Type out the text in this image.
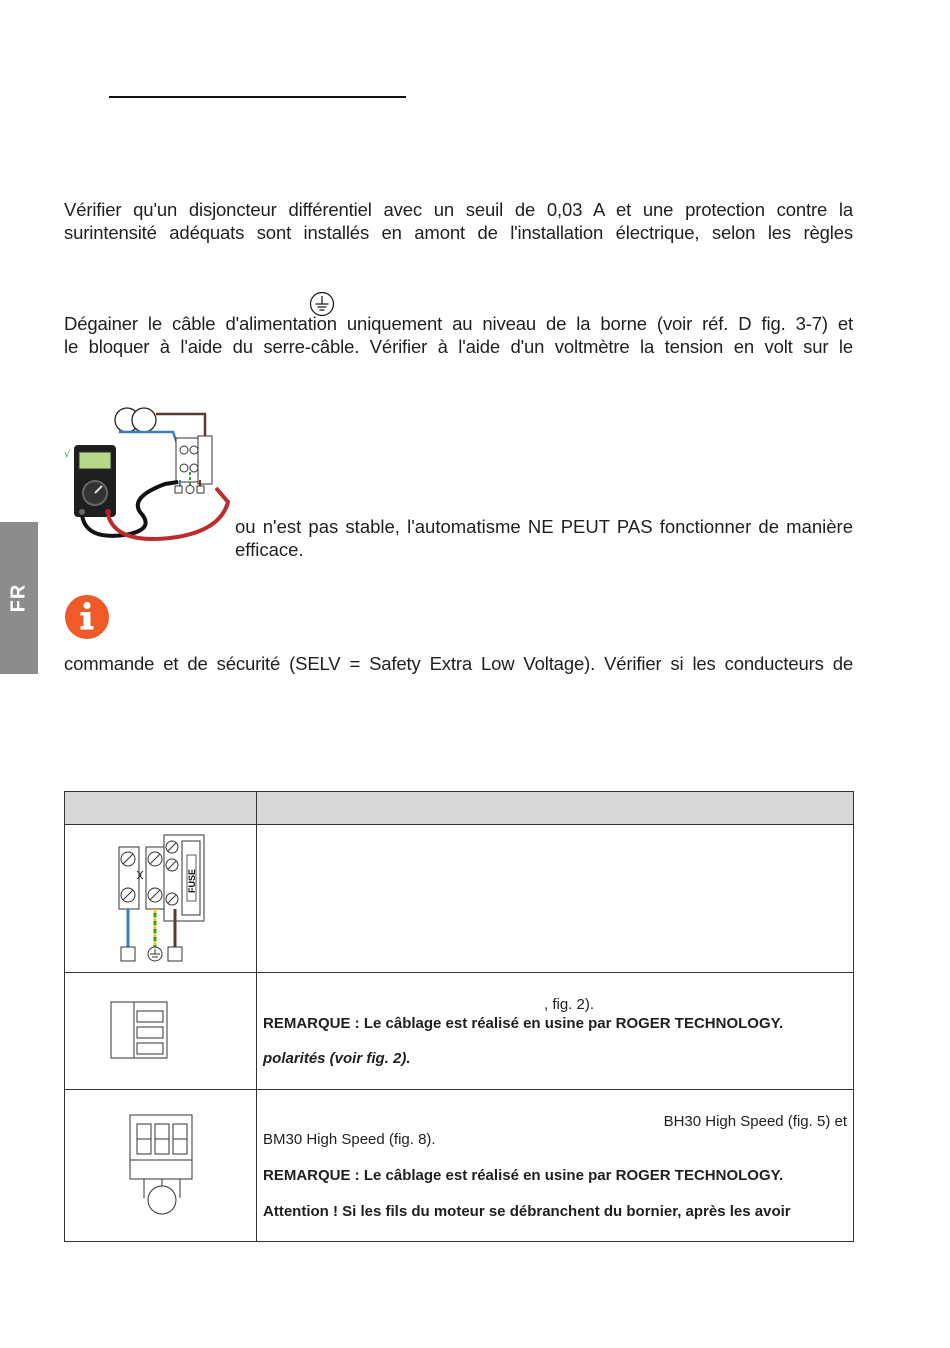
Vérifier qu'un disjoncteur différentiel avec un seuil de 0,03 A et une protection contre la
surintensité adéquats sont installés en amont de l'installation électrique, selon les règles
Dégainer le câble d'alimentation uniquement au niveau de la borne (voir réf. D fig. 3-7) et
le bloquer à l'aide du serre-câble. Vérifier à l'aide d'un voltmètre la tension en volt sur le
√
ou n'est pas stable, l'automatisme NE PEUT PAS fonctionner de manière
efficace.
FR
commande et de sécurité (SELV = Safety Extra Low Voltage). Vérifier si les conducteurs de

FUSE	

, fig. 2).
REMARQUE : Le câblage est réalisé en usine par ROGER TECHNOLOGY.
polarités (voir fig. 2).

BH30 High Speed (fig. 5) et
BM30 High Speed (fig. 8).
REMARQUE : Le câblage est réalisé en usine par ROGER TECHNOLOGY.
Attention ! Si les fils du moteur se débranchent du bornier, après les avoir
